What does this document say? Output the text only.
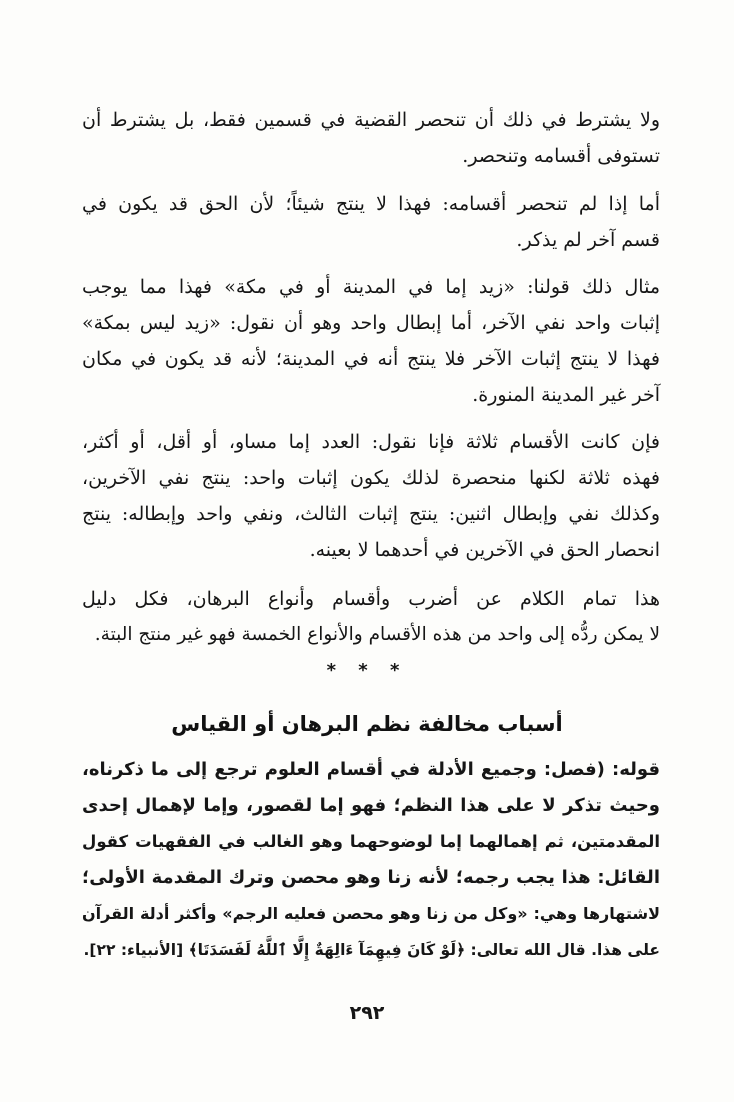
ولا يشترط في ذلك أن تنحصر القضية في قسمين فقط، بل يشترط أن
تستوفى أقسامه وتنحصر.
أما إذا لم تنحصر أقسامه: فهذا لا ينتج شيئاً؛ لأن الحق قد يكون في
قسم آخر لم يذكر.
مثال ذلك قولنا: «زيد إما في المدينة أو في مكة» فهذا مما يوجب
إثبات واحد نفي الآخر، أما إبطال واحد وهو أن نقول: «زيد ليس بمكة»
فهذا لا ينتج إثبات الآخر فلا ينتج أنه في المدينة؛ لأنه قد يكون في مكان
آخر غير المدينة المنورة.
فإن كانت الأقسام ثلاثة فإنا نقول: العدد إما مساو، أو أقل، أو أكثر،
فهذه ثلاثة لكنها منحصرة لذلك يكون إثبات واحد: ينتج نفي الآخرين،
وكذلك نفي وإبطال اثنين: ينتج إثبات الثالث، ونفي واحد وإبطاله: ينتج
انحصار الحق في الآخرين في أحدهما لا بعينه.
هذا تمام الكلام عن أضرب وأقسام وأنواع البرهان، فكل دليل
لا يمكن ردُّه إلى واحد من هذه الأقسام والأنواع الخمسة فهو غير منتج البتة.
* * *
أسباب مخالفة نظم البرهان أو القياس
قوله: (فصل: وجميع الأدلة في أقسام العلوم ترجع إلى ما ذكرناه،
وحيث تذكر لا على هذا النظم؛ فهو إما لقصور، وإما لإهمال إحدى
المقدمتين، ثم إهمالهما إما لوضوحهما وهو الغالب في الفقهيات كقول
القائل: هذا يجب رجمه؛ لأنه زنا وهو محصن وترك المقدمة الأولى؛
لاشتهارها وهي: «وكل من زنا وهو محصن فعليه الرجم» وأكثر أدلة القرآن
على هذا. قال الله تعالى: ﴿لَوْ كَانَ فِيهِمَآ ءَالِهَةٌ إِلَّا ٱللَّهُ لَفَسَدَتَا﴾ [الأنبياء: ٢٢].
٢٩٢
